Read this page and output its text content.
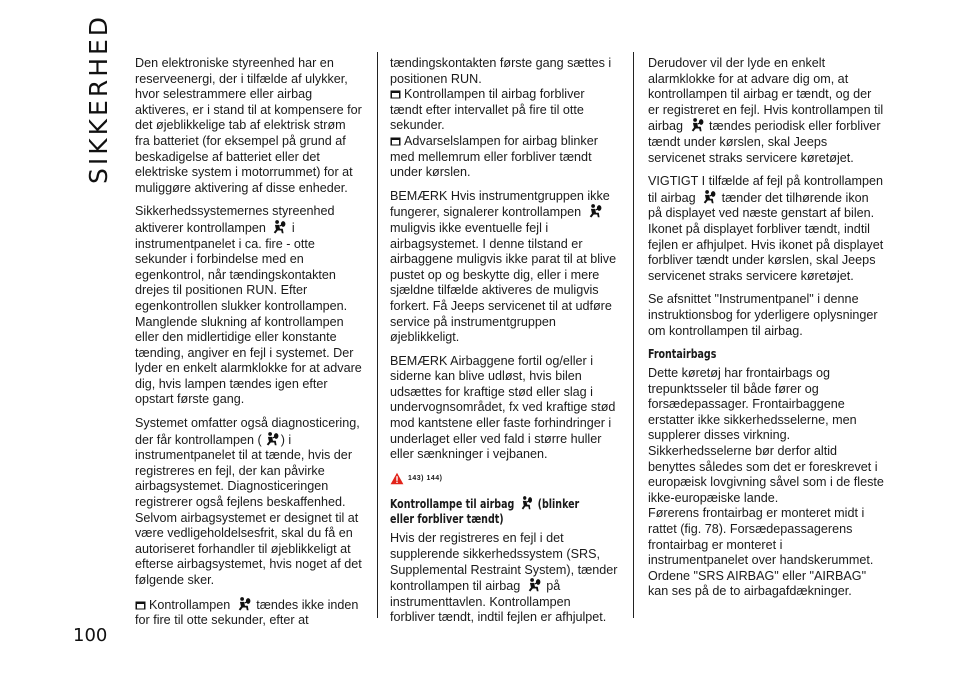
SIKKERHED
100

Den elektroniske styreenhed har en reserveenergi, der i tilfælde af ulykker, hvor selestrammere eller airbag aktiveres, er i stand til at kompensere for det øjeblikkelige tab af elektrisk strøm fra batteriet (for eksempel på grund af beskadigelse af batteriet eller det elektriske system i motorrummet) for at muliggøre aktivering af disse enheder.

Sikkerhedssystemernes styreenhed aktiverer kontrollampen i instrumentpanelet i ca. fire - otte sekunder i forbindelse med en egenkontrol, når tændingskontakten drejes til positionen RUN. Efter egenkontrollen slukker kontrollampen. Manglende slukning af kontrollampen eller den midlertidige eller konstante tænding, angiver en fejl i systemet. Der lyder en enkelt alarmklokke for at advare dig, hvis lampen tændes igen efter opstart første gang.

Systemet omfatter også diagnosticering, der får kontrollampen ( ) i instrumentpanelet til at tænde, hvis der registreres en fejl, der kan påvirke airbagsystemet. Diagnosticeringen registrerer også fejlens beskaffenhed. Selvom airbagsystemet er designet til at være vedligeholdelsesfrit, skal du få en autoriseret forhandler til øjeblikkeligt at efterse airbagsystemet, hvis noget af det følgende sker.

Kontrollampen tændes ikke inden for fire til otte sekunder, efter at

tændingskontakten første gang sættes i positionen RUN.

Kontrollampen til airbag forbliver tændt efter intervallet på fire til otte sekunder.

Advarselslampen for airbag blinker med mellemrum eller forbliver tændt under kørslen.

BEMÆRK Hvis instrumentgruppen ikke fungerer, signalerer kontrollampen  muligvis ikke eventuelle fejl i airbagsystemet. I denne tilstand er airbaggene muligvis ikke parat til at blive pustet op og beskytte dig, eller i mere sjældne tilfælde aktiveres de muligvis forkert. Få Jeeps servicenet til at udføre service på instrumentgruppen øjeblikkeligt.

BEMÆRK Airbaggene fortil og/eller i siderne kan blive udløst, hvis bilen udsættes for kraftige stød eller slag i undervognsområdet, fx ved kraftige stød mod kantstene eller faste forhindringer i underlaget eller ved fald i større huller eller sænkninger i vejbanen.

143) 144)
Kontrollampe til airbag (blinker eller forbliver tændt)

Hvis der registreres en fejl i det supplerende sikkerhedssystem (SRS, Supplemental Restraint System), tænder kontrollampen til airbag på instrumenttavlen. Kontrollampen forbliver tændt, indtil fejlen er afhjulpet.

Derudover vil der lyde en enkelt alarmklokke for at advare dig om, at kontrollampen til airbag er tændt, og der er registreret en fejl. Hvis kontrollampen til airbag tændes periodisk eller forbliver tændt under kørslen, skal Jeeps servicenet straks servicere køretøjet.

VIGTIGT I tilfælde af fejl på kontrollampen til airbag tænder det tilhørende ikon på displayet ved næste genstart af bilen. Ikonet på displayet forbliver tændt, indtil fejlen er afhjulpet. Hvis ikonet på displayet forbliver tændt under kørslen, skal Jeeps servicenet straks servicere køretøjet.

Se afsnittet "Instrumentpanel" i denne instruktionsbog for yderligere oplysninger om kontrollampen til airbag.

Frontairbags

Dette køretøj har frontairbags og trepunktsseler til både fører og forsædepassager. Frontairbaggene erstatter ikke sikkerhedsselerne, men supplerer disses virkning. Sikkerhedsselerne bør derfor altid benyttes således som det er foreskrevet i europæisk lovgivning såvel som i de fleste ikke-europæiske lande.

Førerens frontairbag er monteret midt i rattet (fig. 78). Forsædepassagerens frontairbag er monteret i instrumentpanelet over handskerummet. Ordene "SRS AIRBAG" eller "AIRBAG" kan ses på de to airbagafdækninger.
